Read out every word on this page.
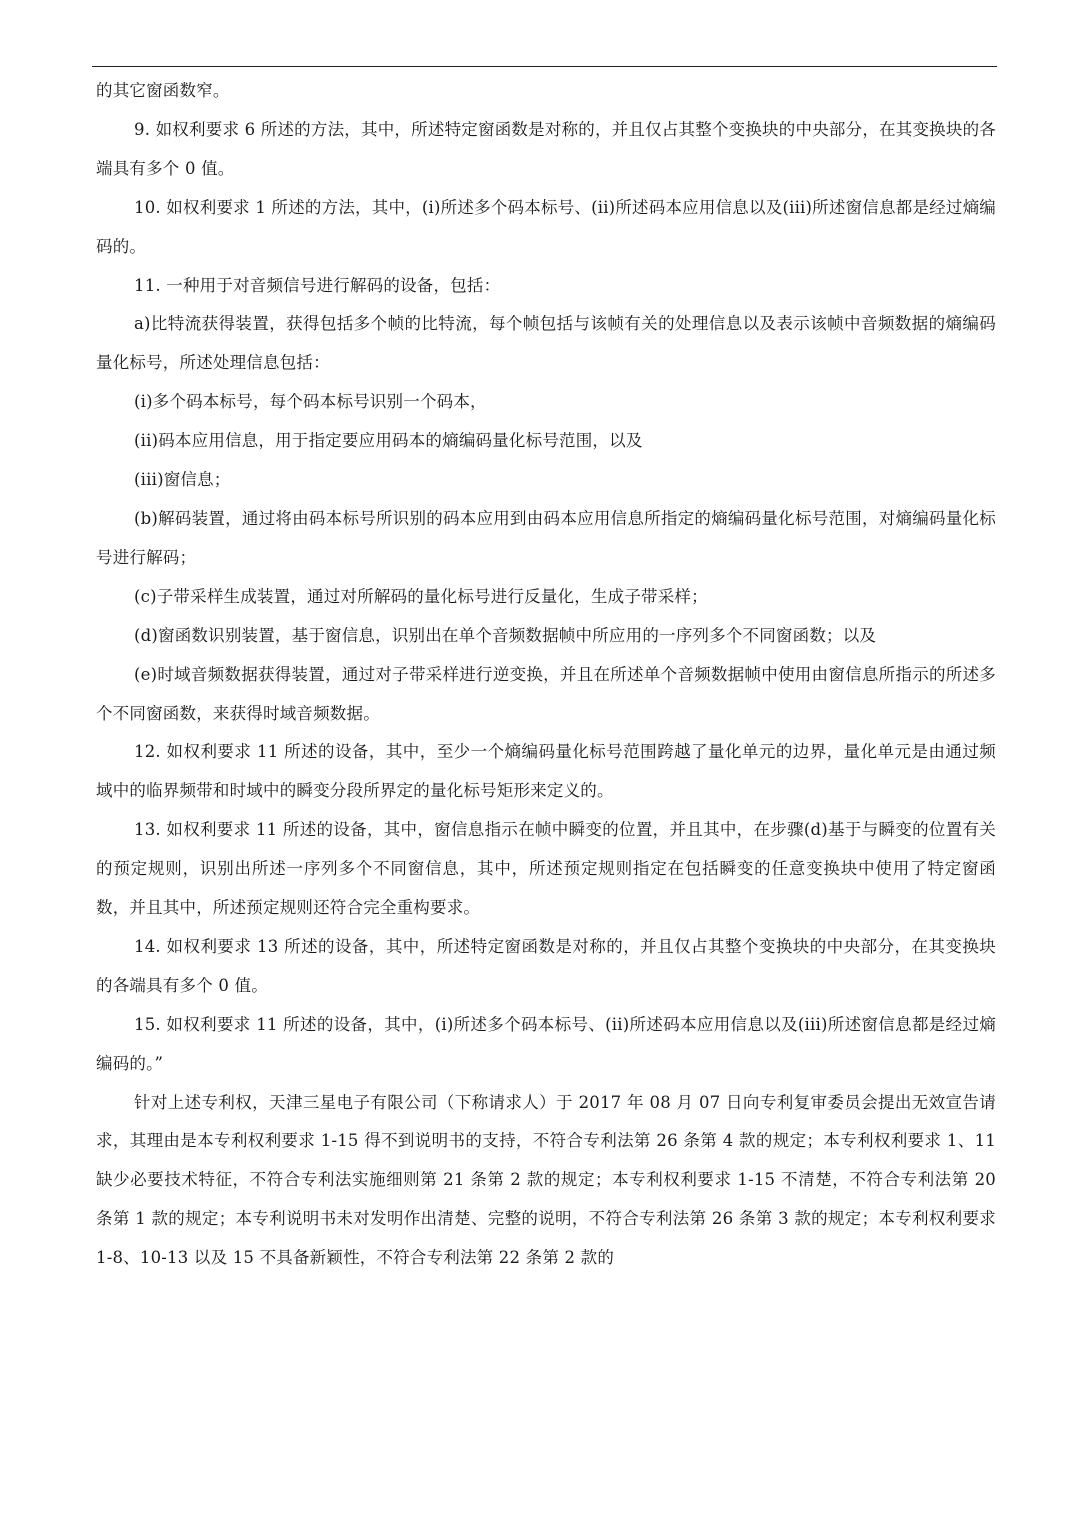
的其它窗函数窄。

9. 如权利要求 6 所述的方法，其中，所述特定窗函数是对称的，并且仅占其整个变换块的中央部分，在其变换块的各端具有多个 0 值。

10. 如权利要求 1 所述的方法，其中，(i)所述多个码本标号、(ii)所述码本应用信息以及(iii)所述窗信息都是经过熵编码的。

11. 一种用于对音频信号进行解码的设备，包括：

a)比特流获得装置，获得包括多个帧的比特流，每个帧包括与该帧有关的处理信息以及表示该帧中音频数据的熵编码量化标号，所述处理信息包括：

(i)多个码本标号，每个码本标号识别一个码本，

(ii)码本应用信息，用于指定要应用码本的熵编码量化标号范围，以及

(iii)窗信息；

(b)解码装置，通过将由码本标号所识别的码本应用到由码本应用信息所指定的熵编码量化标号范围，对熵编码量化标号进行解码；

(c)子带采样生成装置，通过对所解码的量化标号进行反量化，生成子带采样；

(d)窗函数识别装置，基于窗信息，识别出在单个音频数据帧中所应用的一序列多个不同窗函数；以及

(e)时域音频数据获得装置，通过对子带采样进行逆变换，并且在所述单个音频数据帧中使用由窗信息所指示的所述多个不同窗函数，来获得时域音频数据。

12. 如权利要求 11 所述的设备，其中，至少一个熵编码量化标号范围跨越了量化单元的边界，量化单元是由通过频域中的临界频带和时域中的瞬变分段所界定的量化标号矩形来定义的。

13. 如权利要求 11 所述的设备，其中，窗信息指示在帧中瞬变的位置，并且其中，在步骤(d)基于与瞬变的位置有关的预定规则，识别出所述一序列多个不同窗信息，其中，所述预定规则指定在包括瞬变的任意变换块中使用了特定窗函数，并且其中，所述预定规则还符合完全重构要求。

14. 如权利要求 13 所述的设备，其中，所述特定窗函数是对称的，并且仅占其整个变换块的中央部分，在其变换块的各端具有多个 0 值。

15. 如权利要求 11 所述的设备，其中，(i)所述多个码本标号、(ii)所述码本应用信息以及(iii)所述窗信息都是经过熵编码的。”

针对上述专利权，天津三星电子有限公司（下称请求人）于 2017 年 08 月 07 日向专利复审委员会提出无效宣告请求，其理由是本专利权利要求 1-15 得不到说明书的支持，不符合专利法第 26 条第 4 款的规定；本专利权利要求 1、11 缺少必要技术特征，不符合专利法实施细则第 21 条第 2 款的规定；本专利权利要求 1-15 不清楚，不符合专利法第 20 条第 1 款的规定；本专利说明书未对发明作出清楚、完整的说明，不符合专利法第 26 条第 3 款的规定；本专利权利要求 1-8、10-13 以及 15 不具备新颖性，不符合专利法第 22 条第 2 款的
